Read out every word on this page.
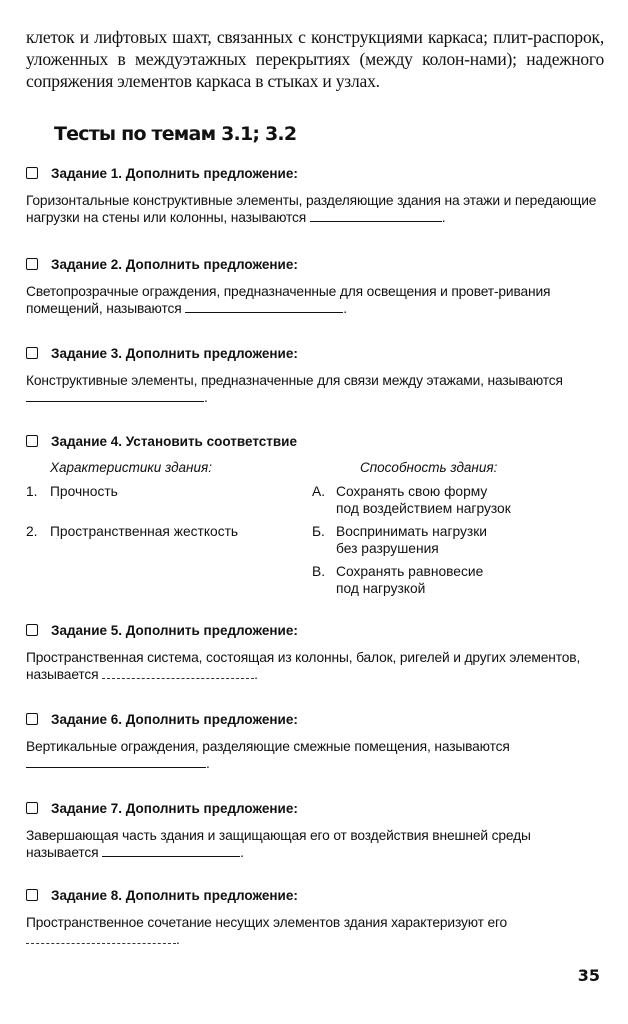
клеток и лифтовых шахт, связанных с конструкциями каркаса; плит-распорок, уложенных в междуэтажных перекрытиях (между колон-нами); надежного сопряжения элементов каркаса в стыках и узлах.
Тесты по темам 3.1; 3.2
Задание 1. Дополнить предложение:
Горизонтальные конструктивные элементы, разделяющие здания на этажи и передающие нагрузки на стены или колонны, называются	.
Задание 2. Дополнить предложение:
Светопрозрачные ограждения, предназначенные для освещения и провет-ривания помещений, называются	.
Задание 3. Дополнить предложение:
Конструктивные элементы, предназначенные для связи между этажами, называются .
Задание 4. Установить соответствие
Характеристики здания:	Способность здания:
1. Прочность	А. Сохранять свою форму
под воздействием нагрузок
2. Пространственная жесткость	Б. Воспринимать нагрузки
без разрушения
В. Сохранять равновесие
под нагрузкой
Задание 5. Дополнить предложение:
Пространственная система, состоящая из колонны, балок, ригелей и других элементов, называется	.
Задание 6. Дополнить предложение:
Вертикальные ограждения, разделяющие смежные помещения, называются
.
Задание 7. Дополнить предложение:
Завершающая часть здания и защищающая его от воздействия внешней среды называется	.
Задание 8. Дополнить предложение:
Пространственное сочетание несущих элементов здания характеризуют его
.
35
